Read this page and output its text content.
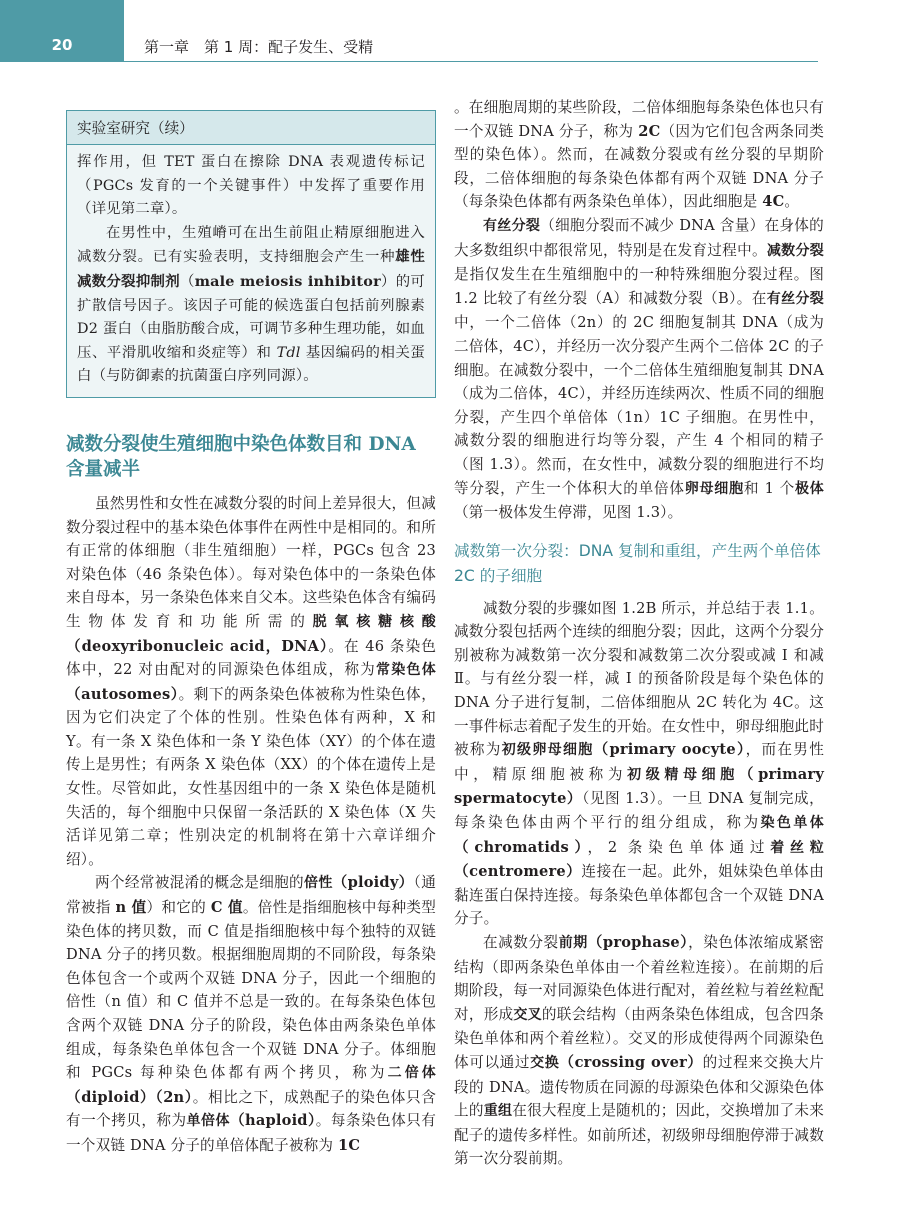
20	第一章　第 1 周：配子发生、受精
实验室研究（续）

挥作用，但 TET 蛋白在擦除 DNA 表观遗传标记（PGCs 发育的一个关键事件）中发挥了重要作用（详见第二章）。

在男性中，生殖嵴可在出生前阻止精原细胞进入减数分裂。已有实验表明，支持细胞会产生一种雄性减数分裂抑制剂（male meiosis inhibitor）的可扩散信号因子。该因子可能的候选蛋白包括前列腺素 D2 蛋白（由脂肪酸合成，可调节多种生理功能，如血压、平滑肌收缩和炎症等）和 Tdl 基因编码的相关蛋白（与防御素的抗菌蛋白序列同源）。

减数分裂使生殖细胞中染色体数目和 DNA 含量减半

虽然男性和女性在减数分裂的时间上差异很大，但减数分裂过程中的基本染色体事件在两性中是相同的。和所有正常的体细胞（非生殖细胞）一样，PGCs 包含 23 对染色体（46 条染色体）。每对染色体中的一条染色体来自母本，另一条染色体来自父本。这些染色体含有编码生物体发育和功能所需的脱氧核糖核酸（deoxyribonucleic acid，DNA）。在 46 条染色体中，22 对由配对的同源染色体组成，称为常染色体（autosomes）。剩下的两条染色体被称为性染色体，因为它们决定了个体的性别。性染色体有两种，X 和 Y。有一条 X 染色体和一条 Y 染色体（XY）的个体在遗传上是男性；有两条 X 染色体（XX）的个体在遗传上是女性。尽管如此，女性基因组中的一条 X 染色体是随机失活的，每个细胞中只保留一条活跃的 X 染色体（X 失活详见第二章；性别决定的机制将在第十六章详细介绍）。

两个经常被混淆的概念是细胞的倍性（ploidy）（通常被指 n 值）和它的 C 值。倍性是指细胞核中每种类型染色体的拷贝数，而 C 值是指细胞核中每个独特的双链 DNA 分子的拷贝数。根据细胞周期的不同阶段，每条染色体包含一个或两个双链 DNA 分子，因此一个细胞的倍性（n 值）和 C 值并不总是一致的。在每条染色体包含两个双链 DNA 分子的阶段，染色体由两条染色单体组成，每条染色单体包含一个双链 DNA 分子。体细胞和 PGCs 每种染色体都有两个拷贝，称为二倍体（diploid）（2n）。相比之下，成熟配子的染色体只含有一个拷贝，称为单倍体（haploid）。每条染色体只有一个双链 DNA 分子的单倍体配子被称为 1C

。在细胞周期的某些阶段，二倍体细胞每条染色体也只有一个双链 DNA 分子，称为 2C（因为它们包含两条同类型的染色体）。然而，在减数分裂或有丝分裂的早期阶段，二倍体细胞的每条染色体都有两个双链 DNA 分子（每条染色体都有两条染色单体），因此细胞是 4C。

有丝分裂（细胞分裂而不减少 DNA 含量）在身体的大多数组织中都很常见，特别是在发育过程中。减数分裂是指仅发生在生殖细胞中的一种特殊细胞分裂过程。图 1.2 比较了有丝分裂（A）和减数分裂（B）。在有丝分裂中，一个二倍体（2n）的 2C 细胞复制其 DNA（成为二倍体，4C），并经历一次分裂产生两个二倍体 2C 的子细胞。在减数分裂中，一个二倍体生殖细胞复制其 DNA（成为二倍体，4C），并经历连续两次、性质不同的细胞分裂，产生四个单倍体（1n）1C 子细胞。在男性中，减数分裂的细胞进行均等分裂，产生 4 个相同的精子（图 1.3）。然而，在女性中，减数分裂的细胞进行不均等分裂，产生一个体积大的单倍体卵母细胞和 1 个极体（第一极体发生停滞，见图 1.3）。

减数第一次分裂：DNA 复制和重组，产生两个单倍体 2C 的子细胞

减数分裂的步骤如图 1.2B 所示，并总结于表 1.1。减数分裂包括两个连续的细胞分裂；因此，这两个分裂分别被称为减数第一次分裂和减数第二次分裂或减 Ⅰ 和减 Ⅱ。与有丝分裂一样，减 Ⅰ 的预备阶段是每个染色体的 DNA 分子进行复制，二倍体细胞从 2C 转化为 4C。这一事件标志着配子发生的开始。在女性中，卵母细胞此时被称为初级卵母细胞（primary oocyte），而在男性中，精原细胞被称为初级精母细胞（primary spermatocyte）（见图 1.3）。一旦 DNA 复制完成，每条染色体由两个平行的组分组成，称为染色单体（chromatids），2 条染色单体通过着丝粒（centromere）连接在一起。此外，姐妹染色单体由黏连蛋白保持连接。每条染色单体都包含一个双链 DNA 分子。

在减数分裂前期（prophase），染色体浓缩成紧密结构（即两条染色单体由一个着丝粒连接）。在前期的后期阶段，每一对同源染色体进行配对，着丝粒与着丝粒配对，形成交叉的联会结构（由两条染色体组成，包含四条染色单体和两个着丝粒）。交叉的形成使得两个同源染色体可以通过交换（crossing over）的过程来交换大片段的 DNA。遗传物质在同源的母源染色体和父源染色体上的重组在很大程度上是随机的；因此，交换增加了未来配子的遗传多样性。如前所述，初级卵母细胞停滞于减数第一次分裂前期。
